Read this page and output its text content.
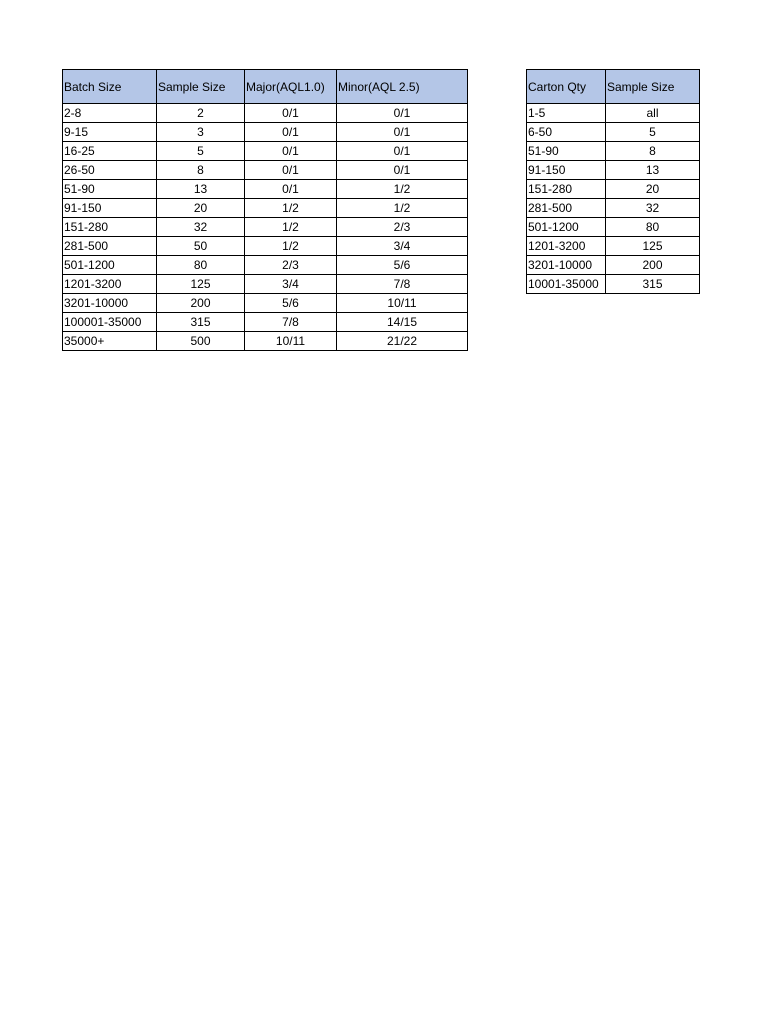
Batch Size	Sample Size	Major(AQL1.0)	Minor(AQL 2.5)
2-8	2	0/1	0/1
9-15	3	0/1	0/1
16-25	5	0/1	0/1
26-50	8	0/1	0/1
51-90	13	0/1	1/2
91-150	20	1/2	1/2
151-280	32	1/2	2/3
281-500	50	1/2	3/4
501-1200	80	2/3	5/6
1201-3200	125	3/4	7/8
3201-10000	200	5/6	10/11
100001-35000	315	7/8	14/15
35000+	500	10/11	21/22
Carton Qty	Sample Size
1-5	all
6-50	5
51-90	8
91-150	13
151-280	20
281-500	32
501-1200	80
1201-3200	125
3201-10000	200
10001-35000	315
